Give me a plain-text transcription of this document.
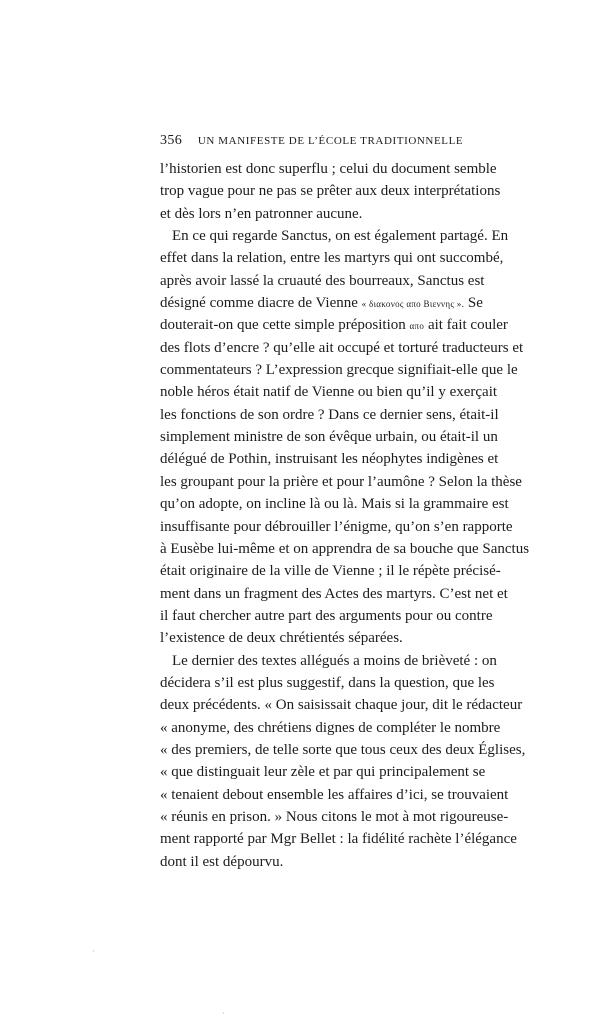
356 UN MANIFESTE DE L’ÉCOLE TRADITIONNELLE
l’historien est donc superflu ; celui du document semble
trop vague pour ne pas se prêter aux deux interprétations
et dès lors n’en patronner aucune.
En ce qui regarde Sanctus, on est également partagé. En
effet dans la relation, entre les martyrs qui ont succombé,
après avoir lassé la cruauté des bourreaux, Sanctus est
désigné comme diacre de Vienne « διακονος απο Βιεννης ». Se
douterait-on que cette simple préposition απο ait fait couler
des flots d’encre ? qu’elle ait occupé et torturé traducteurs et
commentateurs ? L’expression grecque signifiait-elle que le
noble héros était natif de Vienne ou bien qu’il y exerçait
les fonctions de son ordre ? Dans ce dernier sens, était-il
simplement ministre de son évêque urbain, ou était-il un
délégué de Pothin, instruisant les néophytes indigènes et
les groupant pour la prière et pour l’aumône ? Selon la thèse
qu’on adopte, on incline là ou là. Mais si la grammaire est
insuffisante pour débrouiller l’énigme, qu’on s’en rapporte
à Eusèbe lui-même et on apprendra de sa bouche que Sanctus
était originaire de la ville de Vienne ; il le répète précisé-
ment dans un fragment des Actes des martyrs. C’est net et
il faut chercher autre part des arguments pour ou contre
l’existence de deux chrétientés séparées.
Le dernier des textes allégués a moins de brièveté : on
décidera s’il est plus suggestif, dans la question, que les
deux précédents. « On saisissait chaque jour, dit le rédacteur
« anonyme, des chrétiens dignes de compléter le nombre
« des premiers, de telle sorte que tous ceux des deux Églises,
« que distinguait leur zèle et par qui principalement se
« tenaient debout ensemble les affaires d’ici, se trouvaient
« réunis en prison. » Nous citons le mot à mot rigoureuse-
ment rapporté par Mgr Bellet : la fidélité rachète l’élégance
dont il est dépourvu.
·
·
